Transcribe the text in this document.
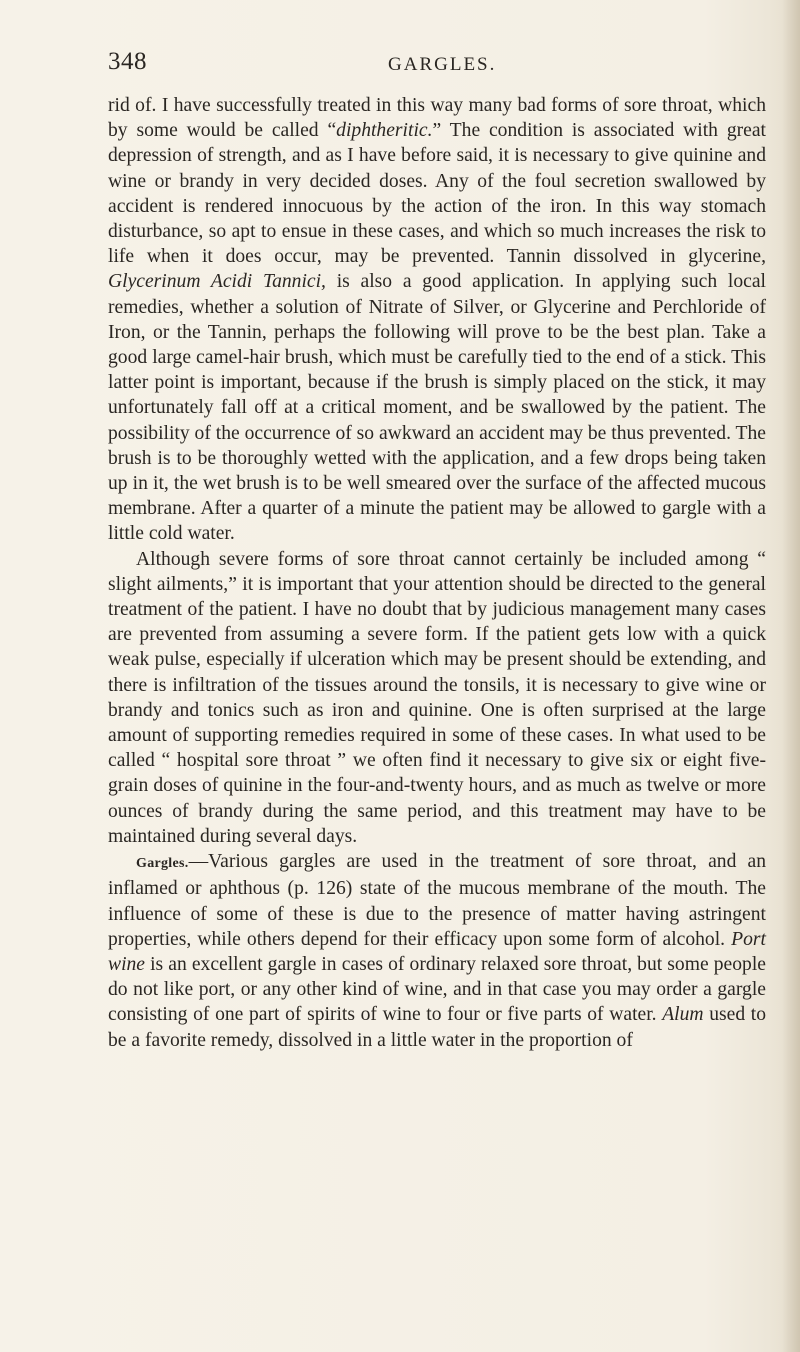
348	GARGLES.

rid of. I have successfully treated in this way many bad forms of sore throat, which by some would be called “diphtheritic.” The condition is associated with great depression of strength, and as I have before said, it is necessary to give quinine and wine or brandy in very decided doses. Any of the foul secretion swallowed by accident is rendered innocuous by the action of the iron. In this way stomach disturbance, so apt to ensue in these cases, and which so much increases the risk to life when it does occur, may be prevented. Tannin dissolved in glycerine, Glycerinum Acidi Tannici, is also a good application. In applying such local remedies, whether a solution of Nitrate of Silver, or Glycerine and Perchloride of Iron, or the Tannin, perhaps the following will prove to be the best plan. Take a good large camel-hair brush, which must be carefully tied to the end of a stick. This latter point is important, because if the brush is simply placed on the stick, it may unfortunately fall off at a critical moment, and be swallowed by the patient. The possibility of the occurrence of so awkward an accident may be thus prevented. The brush is to be thoroughly wetted with the application, and a few drops being taken up in it, the wet brush is to be well smeared over the surface of the affected mucous membrane. After a quarter of a minute the patient may be allowed to gargle with a little cold water.

Although severe forms of sore throat cannot certainly be included among “ slight ailments,” it is important that your attention should be directed to the general treatment of the patient. I have no doubt that by judicious management many cases are prevented from assuming a severe form. If the patient gets low with a quick weak pulse, especially if ulceration which may be present should be extending, and there is infiltration of the tissues around the tonsils, it is necessary to give wine or brandy and tonics such as iron and quinine. One is often surprised at the large amount of supporting remedies required in some of these cases. In what used to be called “ hospital sore throat ” we often find it necessary to give six or eight five-grain doses of quinine in the four-and-twenty hours, and as much as twelve or more ounces of brandy during the same period, and this treatment may have to be maintained during several days.

Gargles.—Various gargles are used in the treatment of sore throat, and an inflamed or aphthous (p. 126) state of the mucous membrane of the mouth. The influence of some of these is due to the presence of matter having astringent properties, while others depend for their efficacy upon some form of alcohol. Port wine is an excellent gargle in cases of ordinary relaxed sore throat, but some people do not like port, or any other kind of wine, and in that case you may order a gargle consisting of one part of spirits of wine to four or five parts of water. Alum used to be a favorite remedy, dissolved in a little water in the proportion of
